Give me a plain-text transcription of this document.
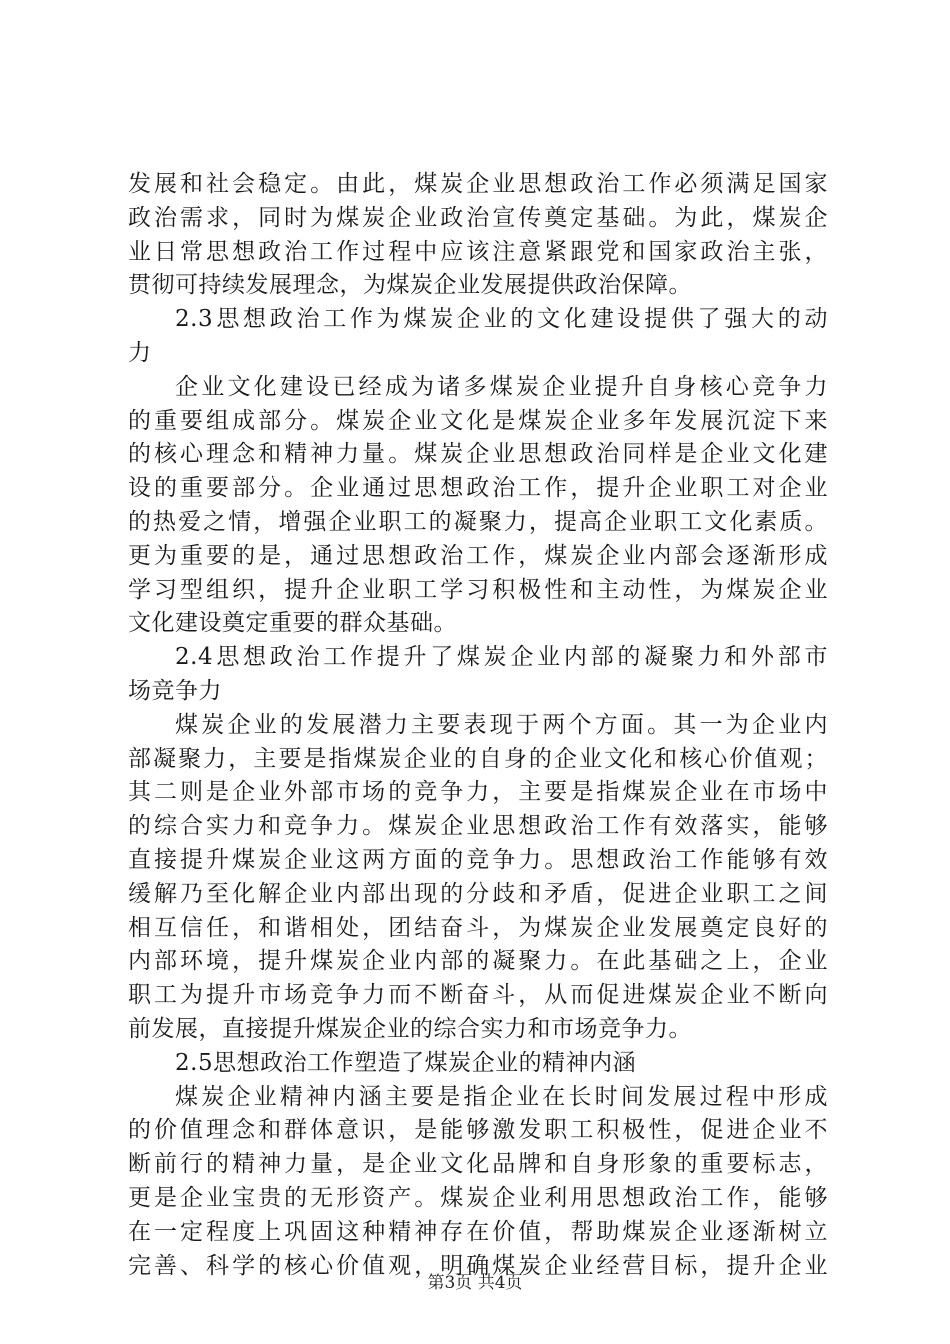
发展和社会稳定。由此，煤炭企业思想政治工作必须满足国家
政治需求，同时为煤炭企业政治宣传奠定基础。为此，煤炭企
业日常思想政治工作过程中应该注意紧跟党和国家政治主张，
贯彻可持续发展理念，为煤炭企业发展提供政治保障。
2.3思想政治工作为煤炭企业的文化建设提供了强大的动
力
企业文化建设已经成为诸多煤炭企业提升自身核心竞争力
的重要组成部分。煤炭企业文化是煤炭企业多年发展沉淀下来
的核心理念和精神力量。煤炭企业思想政治同样是企业文化建
设的重要部分。企业通过思想政治工作，提升企业职工对企业
的热爱之情，增强企业职工的凝聚力，提高企业职工文化素质。
更为重要的是，通过思想政治工作，煤炭企业内部会逐渐形成
学习型组织，提升企业职工学习积极性和主动性，为煤炭企业
文化建设奠定重要的群众基础。
2.4思想政治工作提升了煤炭企业内部的凝聚力和外部市
场竞争力
煤炭企业的发展潜力主要表现于两个方面。其一为企业内
部凝聚力，主要是指煤炭企业的自身的企业文化和核心价值观；
其二则是企业外部市场的竞争力，主要是指煤炭企业在市场中
的综合实力和竞争力。煤炭企业思想政治工作有效落实，能够
直接提升煤炭企业这两方面的竞争力。思想政治工作能够有效
缓解乃至化解企业内部出现的分歧和矛盾，促进企业职工之间
相互信任，和谐相处，团结奋斗，为煤炭企业发展奠定良好的
内部环境，提升煤炭企业内部的凝聚力。在此基础之上，企业
职工为提升市场竞争力而不断奋斗，从而促进煤炭企业不断向
前发展，直接提升煤炭企业的综合实力和市场竞争力。
2.5思想政治工作塑造了煤炭企业的精神内涵
煤炭企业精神内涵主要是指企业在长时间发展过程中形成
的价值理念和群体意识，是能够激发职工积极性，促进企业不
断前行的精神力量，是企业文化品牌和自身形象的重要标志，
更是企业宝贵的无形资产。煤炭企业利用思想政治工作，能够
在一定程度上巩固这种精神存在价值，帮助煤炭企业逐渐树立
完善、科学的核心价值观，明确煤炭企业经营目标，提升企业
第3页 共4页
